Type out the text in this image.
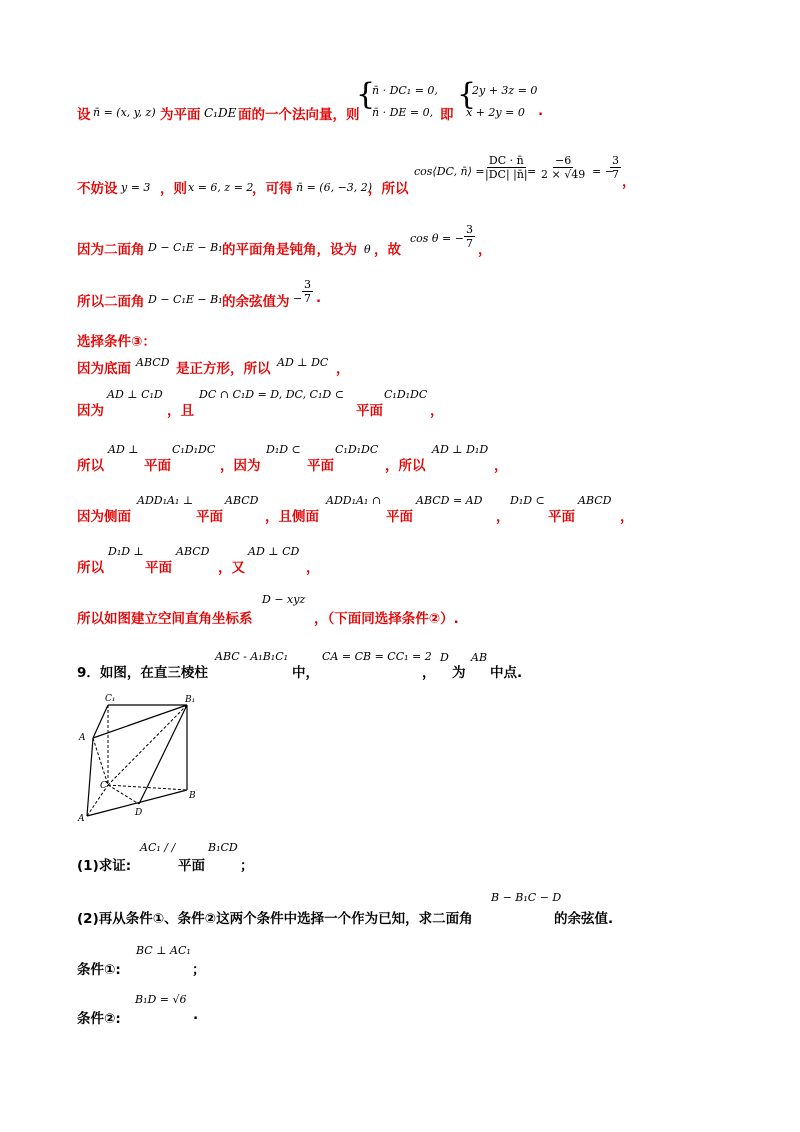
设 n̄ = (x, y, z) 为平面 C₁DE 面的一个法向量，则
{
n̄ · DC₁ = 0,
n̄ · DE = 0, 即
{
2y + 3z = 0
x + 2y = 0 .
不妨设 y = 3 ，则 x = 6, z = 2
，可得 n̄ = (6, −3, 2)
，所以
cos⟨DC, n̄⟩ =
$\frac{DC \cdot n̄}{|DC| |n̄|}$
= $\frac{-6}{2 \times √49}$ = −
$\frac{3}{7}$
，
因为二面角 D − C₁E − B₁ 的平面角是钝角，设为 θ ，故
cos θ = − $\frac{3}{7}$ ，
所以二面角 D − C₁E − B₁ 的余弦值为 − $\frac{3}{7}$ .
选择条件③：
因为底面 ABCD 是正方形，所以 AD ⊥ DC ，
因为
AD ⊥ C₁D
，且
DC ∩ C₁D = D, DC, C₁D ⊂
平面
C₁D₁DC
，
所以
AD ⊥
平面
C₁D₁DC
，因为
D₁D ⊂
平面
C₁D₁DC
，所以
AD ⊥ D₁D
，
因为侧面
ADD₁A₁ ⊥
平面
ABCD
，且侧面
ADD₁A₁ ∩
平面
ABCD = AD
，
D₁D ⊂
平面
ABCD
，
所以
D₁D ⊥
平面
ABCD
，又
AD ⊥ CD
，
所以如图建立空间直角坐标系
D − xyz
，（下面同选择条件②）.
9．如图，在直三棱柱
ABC - A₁B₁C₁
中，
CA = CB = CC₁ = 2
，
D
为
AB
中点.
C₁	B₁
A
C
B
D
A
(1)求证:
AC₁ / /
平面
B₁CD
；
(2)再从条件①、条件②这两个条件中选择一个作为已知，求二面角
B − B₁C − D
的余弦值.
条件①:
BC ⊥ AC₁
；
条件②:
B₁D = √6
.
